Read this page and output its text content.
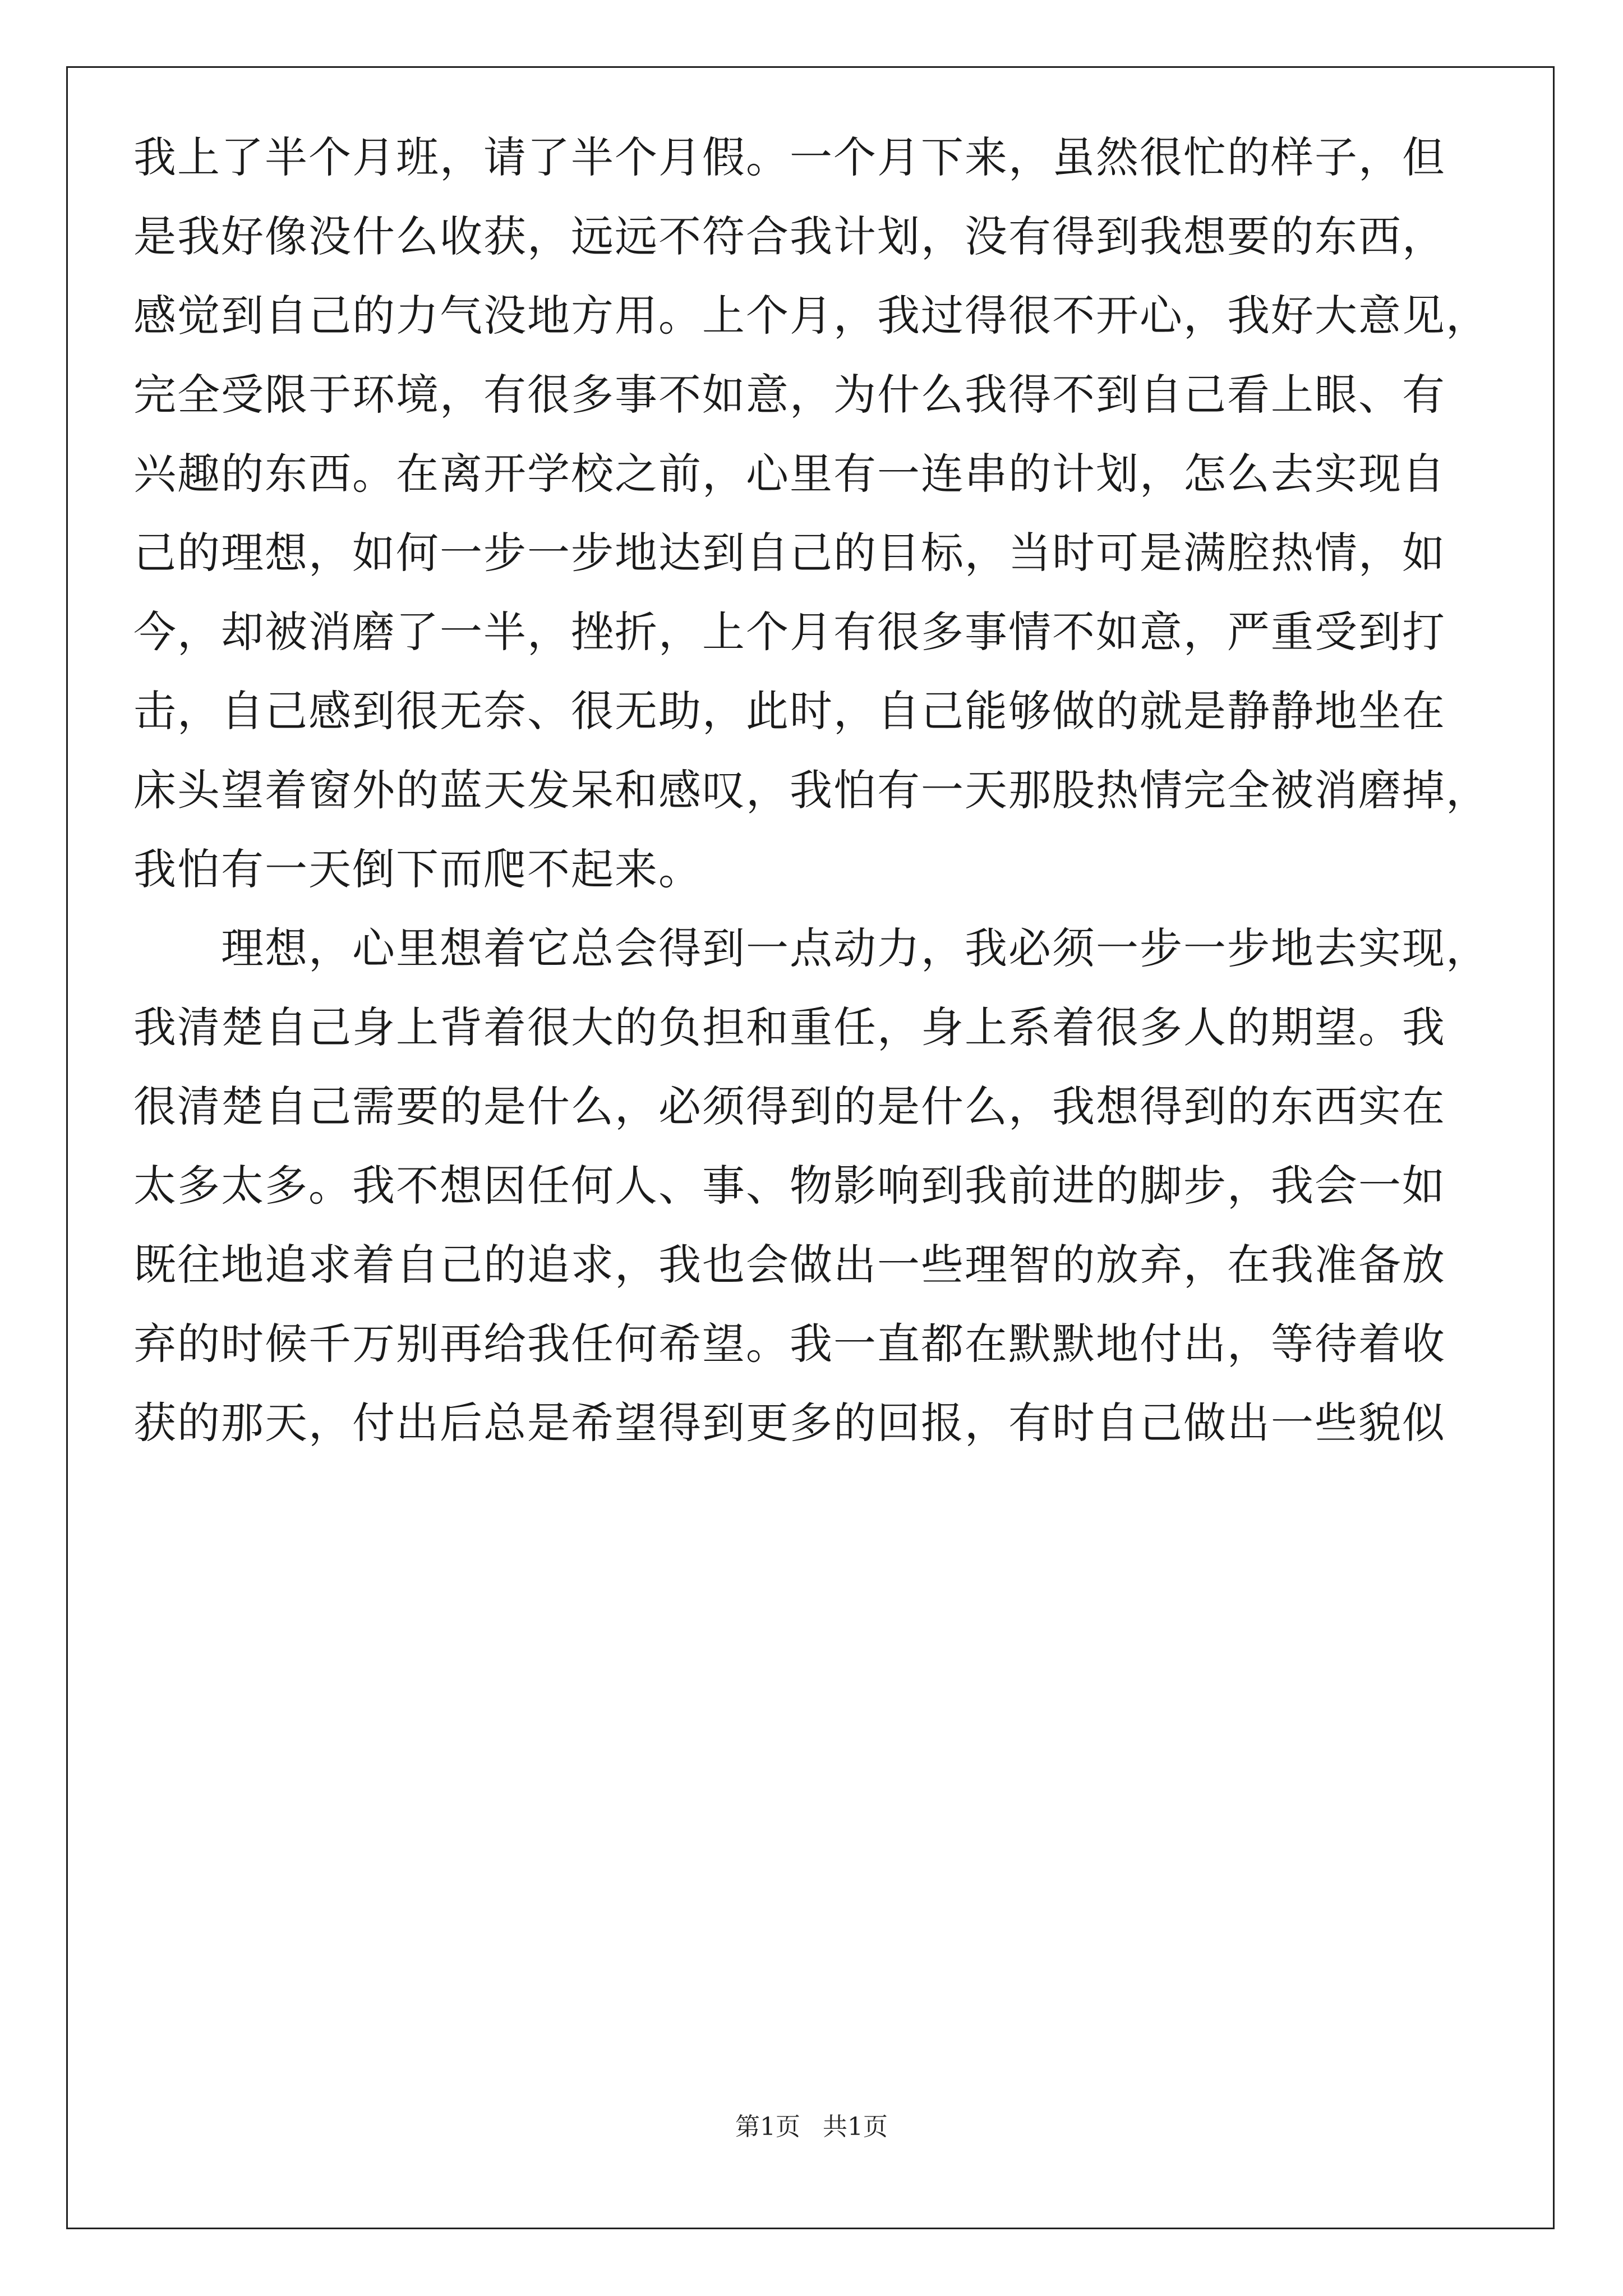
我上了半个月班，请了半个月假。一个月下来，虽然很忙的样子，但
是我好像没什么收获，远远不符合我计划，没有得到我想要的东西，
感觉到自己的力气没地方用。上个月，我过得很不开心，我好大意见，
完全受限于环境，有很多事不如意，为什么我得不到自己看上眼、有
兴趣的东西。在离开学校之前，心里有一连串的计划，怎么去实现自
己的理想，如何一步一步地达到自己的目标，当时可是满腔热情，如
今，却被消磨了一半，挫折，上个月有很多事情不如意，严重受到打
击，自己感到很无奈、很无助，此时，自己能够做的就是静静地坐在
床头望着窗外的蓝天发呆和感叹，我怕有一天那股热情完全被消磨掉，
我怕有一天倒下而爬不起来。
　　理想，心里想着它总会得到一点动力，我必须一步一步地去实现，
我清楚自己身上背着很大的负担和重任，身上系着很多人的期望。我
很清楚自己需要的是什么，必须得到的是什么，我想得到的东西实在
太多太多。我不想因任何人、事、物影响到我前进的脚步，我会一如
既往地追求着自己的追求，我也会做出一些理智的放弃，在我准备放
弃的时候千万别再给我任何希望。我一直都在默默地付出，等待着收
获的那天，付出后总是希望得到更多的回报，有时自己做出一些貌似
第1页 共1页
